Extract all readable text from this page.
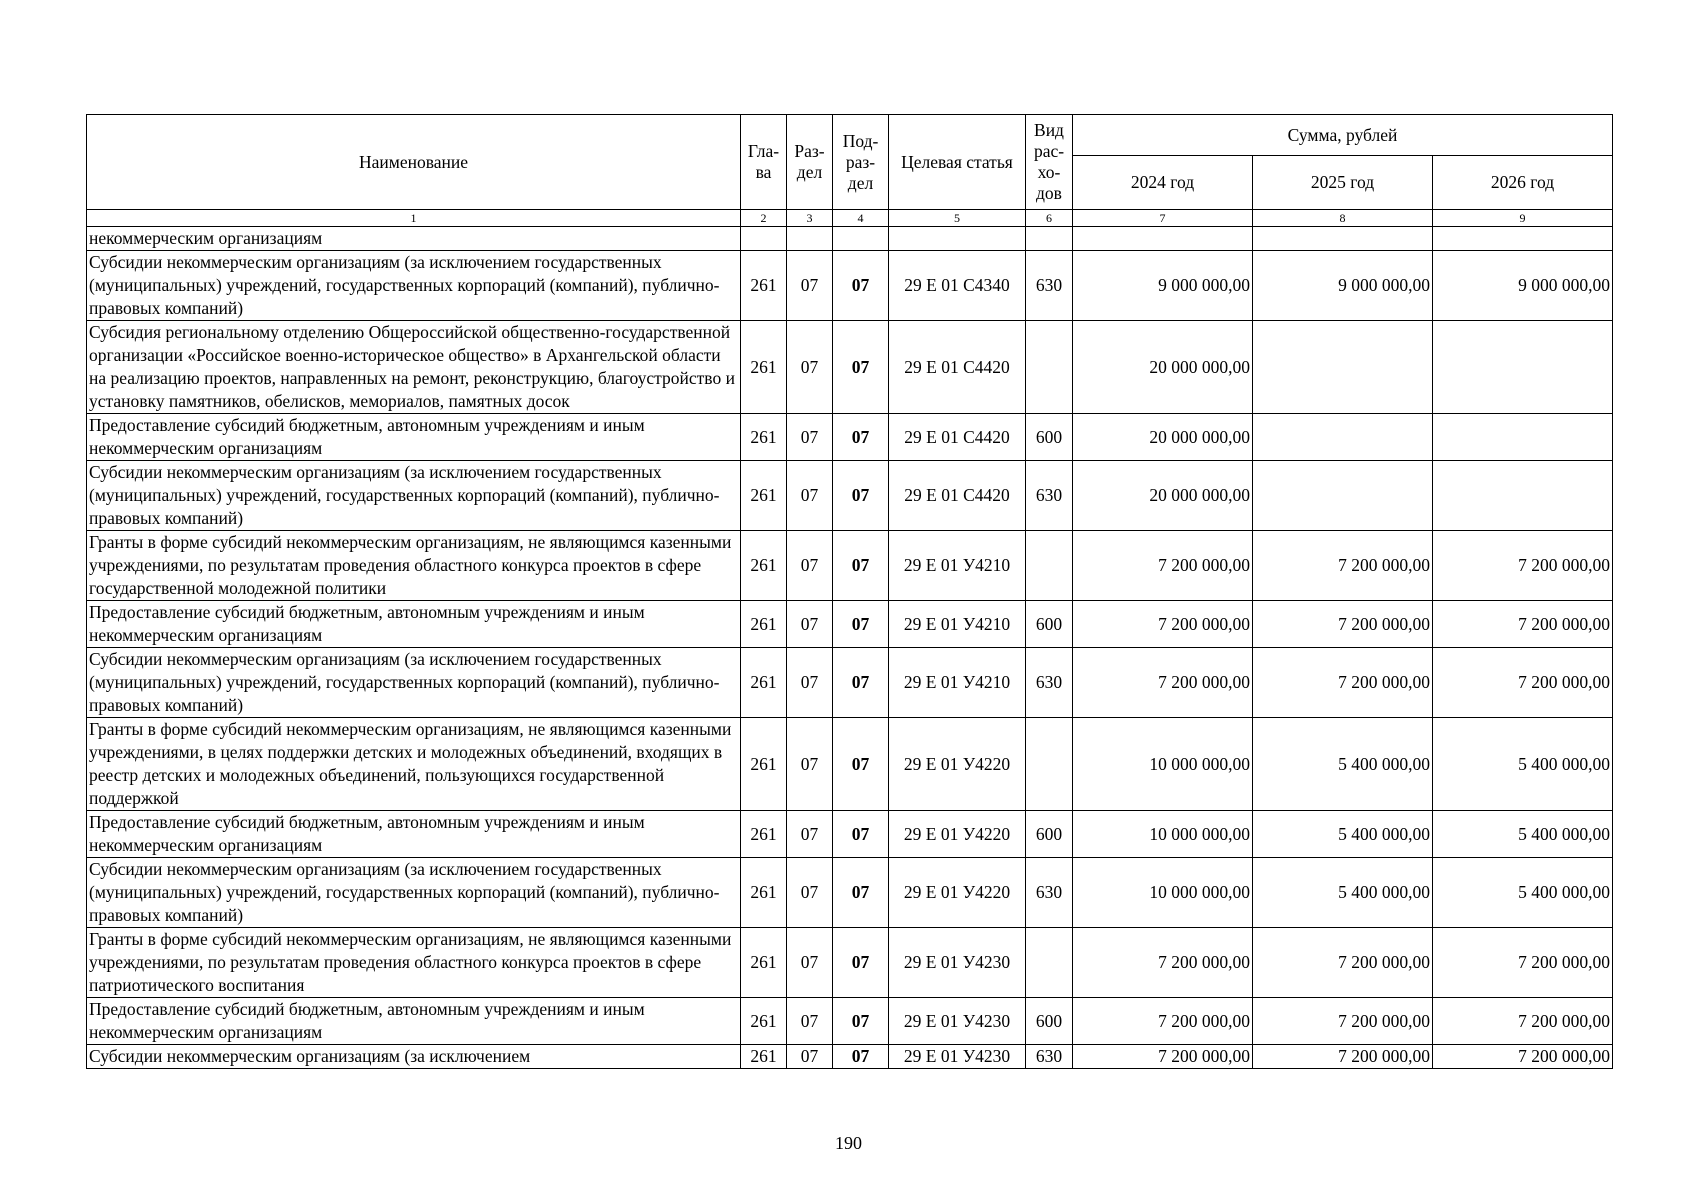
Наименование	Гла-ва	Раз-дел	Под-раз-дел	Целевая статья	Вид рас-хо-дов	Сумма, рублей		
						2024 год	2025 год	2026 год
1	2	3	4	5	6	7	8	9
некоммерческим организациям								
Субсидии некоммерческим организациям (за исключением государственных (муниципальных) учреждений, государственных корпораций (компаний), публично-правовых компаний)	261	07	07	29 Е 01 С4340	630	9 000 000,00	9 000 000,00	9 000 000,00
Субсидия региональному отделению Общероссийской общественно-государственной организации «Российское военно-историческое общество» в Архангельской области на реализацию проектов, направленных на ремонт, реконструкцию, благоустройство и установку памятников, обелисков, мемориалов, памятных досок	261	07	07	29 Е 01 С4420		20 000 000,00		
Предоставление субсидий бюджетным, автономным учреждениям и иным некоммерческим организациям	261	07	07	29 Е 01 С4420	600	20 000 000,00		
Субсидии некоммерческим организациям (за исключением государственных (муниципальных) учреждений, государственных корпораций (компаний), публично-правовых компаний)	261	07	07	29 Е 01 С4420	630	20 000 000,00		
Гранты в форме субсидий некоммерческим организациям, не являющимся казенными учреждениями, по результатам проведения областного конкурса проектов в сфере государственной молодежной политики	261	07	07	29 Е 01 У4210		7 200 000,00	7 200 000,00	7 200 000,00
Предоставление субсидий бюджетным, автономным учреждениям и иным некоммерческим организациям	261	07	07	29 Е 01 У4210	600	7 200 000,00	7 200 000,00	7 200 000,00
Субсидии некоммерческим организациям (за исключением государственных (муниципальных) учреждений, государственных корпораций (компаний), публично-правовых компаний)	261	07	07	29 Е 01 У4210	630	7 200 000,00	7 200 000,00	7 200 000,00
Гранты в форме субсидий некоммерческим организациям, не являющимся казенными учреждениями, в целях поддержки детских и молодежных объединений, входящих в реестр детских и молодежных объединений, пользующихся государственной поддержкой	261	07	07	29 Е 01 У4220		10 000 000,00	5 400 000,00	5 400 000,00
Предоставление субсидий бюджетным, автономным учреждениям и иным некоммерческим организациям	261	07	07	29 Е 01 У4220	600	10 000 000,00	5 400 000,00	5 400 000,00
Субсидии некоммерческим организациям (за исключением государственных (муниципальных) учреждений, государственных корпораций (компаний), публично-правовых компаний)	261	07	07	29 Е 01 У4220	630	10 000 000,00	5 400 000,00	5 400 000,00
Гранты в форме субсидий некоммерческим организациям, не являющимся казенными учреждениями, по результатам проведения областного конкурса проектов в сфере патриотического воспитания	261	07	07	29 Е 01 У4230		7 200 000,00	7 200 000,00	7 200 000,00
Предоставление субсидий бюджетным, автономным учреждениям и иным некоммерческим организациям	261	07	07	29 Е 01 У4230	600	7 200 000,00	7 200 000,00	7 200 000,00
Субсидии некоммерческим организациям (за исключением	261	07	07	29 Е 01 У4230	630	7 200 000,00	7 200 000,00	7 200 000,00
190
